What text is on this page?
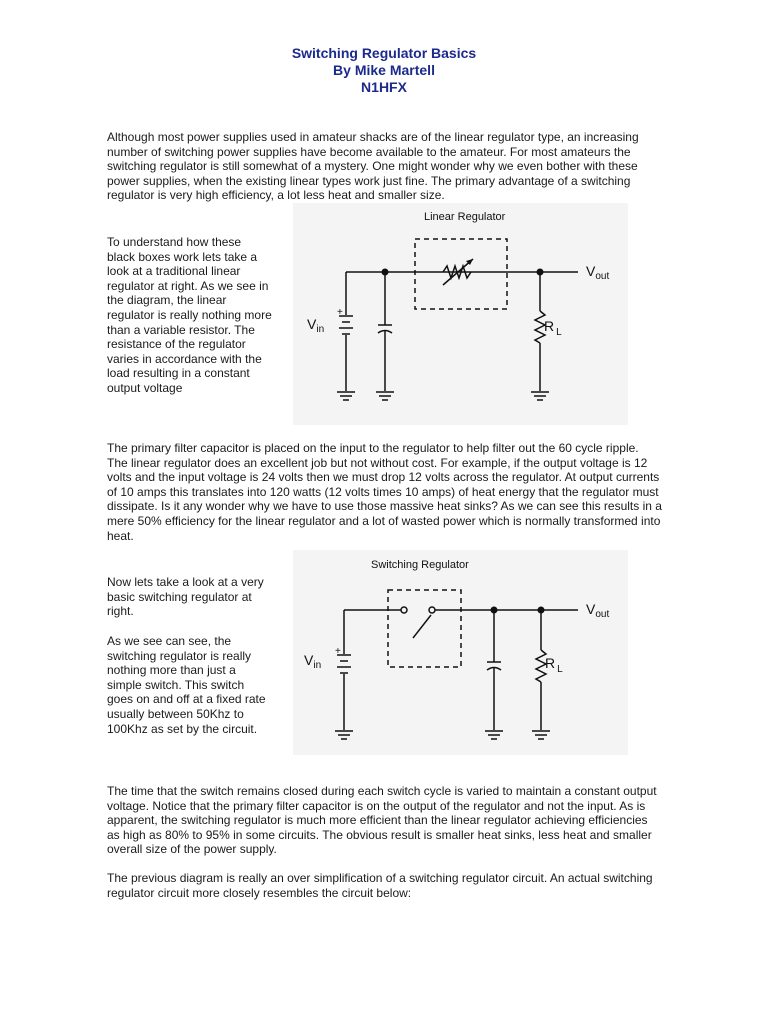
Switching Regulator Basics
By Mike Martell
N1HFX

Although most power supplies used in amateur shacks are of the linear regulator type, an increasing number of switching power supplies have become available to the amateur. For most amateurs the switching regulator is still somewhat of a mystery. One might wonder why we even bother with these power supplies, when the existing linear types work just fine. The primary advantage of a switching regulator is very high efficiency, a lot less heat and smaller size.

To understand how these black boxes work lets take a look at a traditional linear regulator at right. As we see in the diagram, the linear regulator is really nothing more than a variable resistor. The resistance of the regulator varies in accordance with the load resulting in a constant output voltage

+
Linear Regulator
$V_{in}$
$V_{out}$
R $_L$

The primary filter capacitor is placed on the input to the regulator to help filter out the 60 cycle ripple. The linear regulator does an excellent job but not without cost. For example, if the output voltage is 12 volts and the input voltage is 24 volts then we must drop 12 volts across the regulator. At output currents of 10 amps this translates into 120 watts (12 volts times 10 amps) of heat energy that the regulator must dissipate. Is it any wonder why we have to use those massive heat sinks? As we can see this results in a mere 50% efficiency for the linear regulator and a lot of wasted power which is normally transformed into heat.

Now lets take a look at a very basic switching regulator at right.

As we see can see, the switching regulator is really nothing more than just a simple switch. This switch goes on and off at a fixed rate usually between 50Khz to 100Khz as set by the circuit.

+
Switching Regulator
$V_{in}$
$V_{out}$
R $_L$

The time that the switch remains closed during each switch cycle is varied to maintain a constant output voltage. Notice that the primary filter capacitor is on the output of the regulator and not the input. As is apparent, the switching regulator is much more efficient than the linear regulator achieving efficiencies as high as 80% to 95% in some circuits. The obvious result is smaller heat sinks, less heat and smaller overall size of the power supply.

The previous diagram is really an over simplification of a switching regulator circuit. An actual switching regulator circuit more closely resembles the circuit below:
